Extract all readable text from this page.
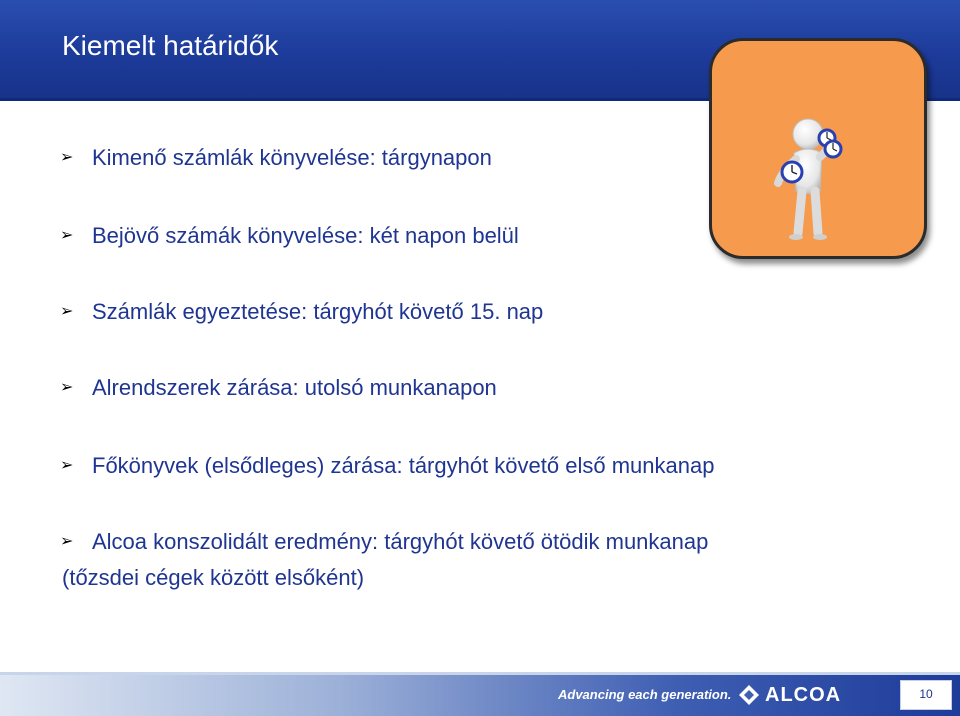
Kiemelt határidők
➢ Kimenő számlák könyvelése: tárgynapon
➢ Bejövő számák könyvelése: két napon belül
➢ Számlák egyeztetése: tárgyhót követő 15. nap
➢ Alrendszerek zárása: utolsó munkanapon
➢ Főkönyvek (elsődleges) zárása: tárgyhót követő első munkanap
➢ Alcoa konszolidált eredmény: tárgyhót követő ötödik munkanap
(tőzsdei cégek között elsőként)
Advancing each generation. ALCOA	10
